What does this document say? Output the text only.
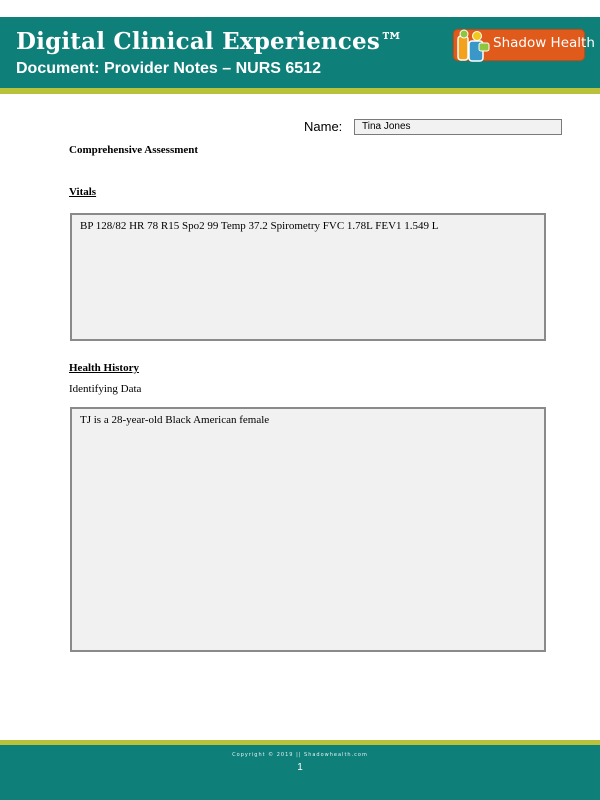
Digital Clinical Experiences™
Document: Provider Notes – NURS 6512
Shadow Health
Name:	Tina Jones
Comprehensive Assessment
Vitals
BP 128/82 HR 78 R15 Spo2 99 Temp 37.2 Spirometry FVC 1.78L FEV1 1.549 L
Health History
Identifying Data
TJ is a 28-year-old Black American female
Copyright © 2019 || Shadowhealth.com
1
